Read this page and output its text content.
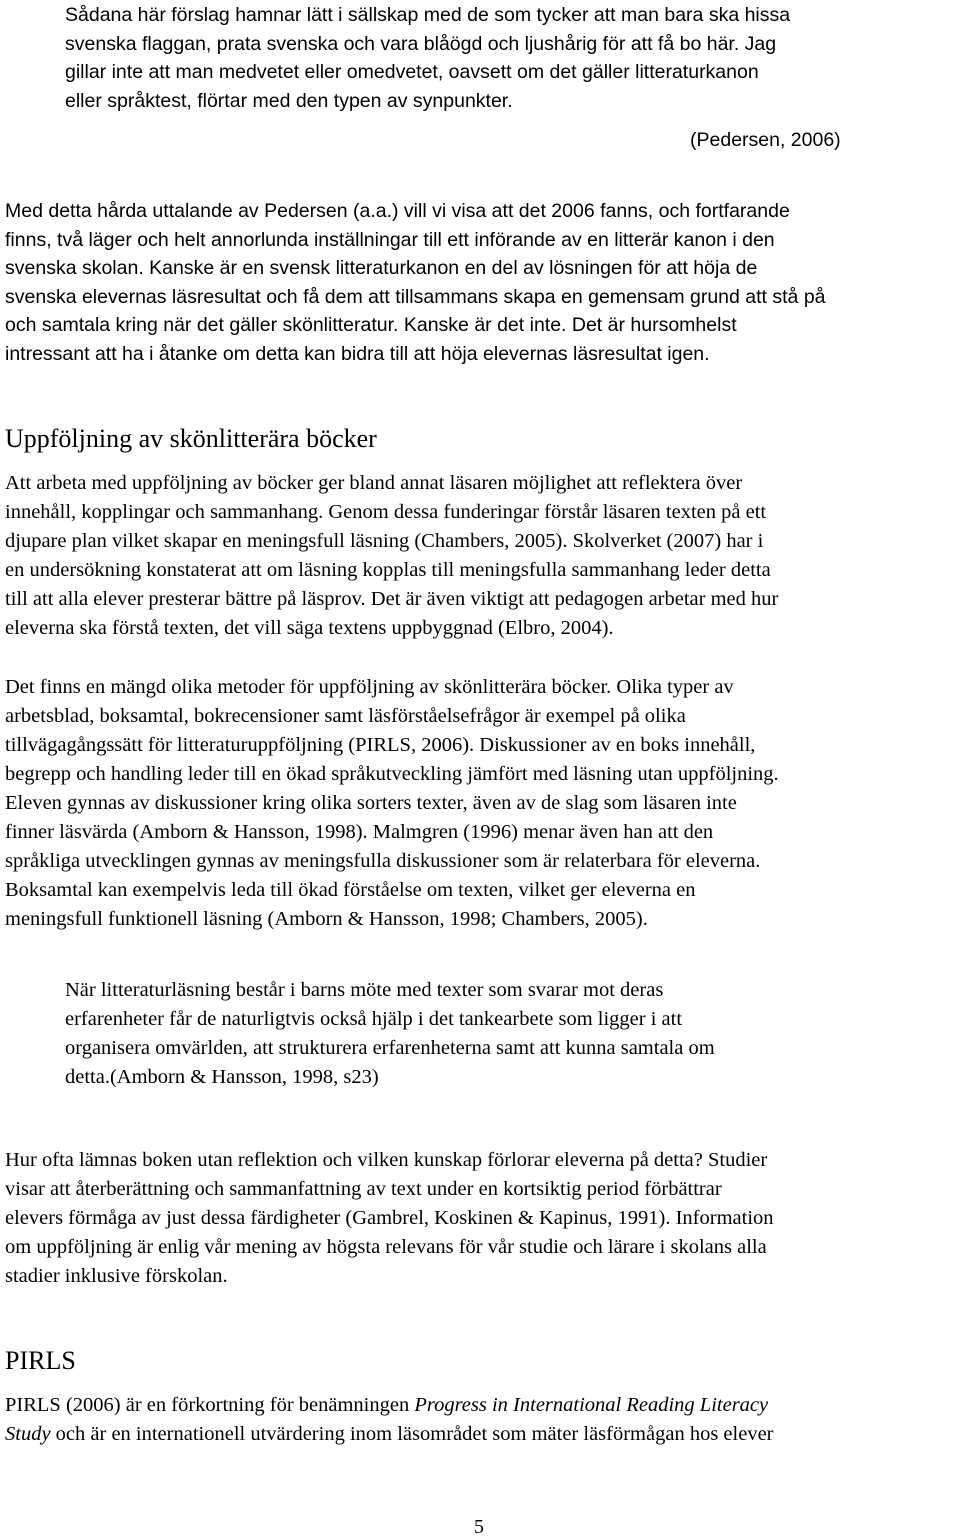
Sådana här förslag hamnar lätt i sällskap med de som tycker att man bara ska hissa
svenska flaggan, prata svenska och vara blåögd och ljushårig för att få bo här. Jag
gillar inte att man medvetet eller omedvetet, oavsett om det gäller litteraturkanon
eller språktest, flörtar med den typen av synpunkter.
(Pedersen, 2006)
Med detta hårda uttalande av Pedersen (a.a.) vill vi visa att det 2006 fanns, och fortfarande
finns, två läger och helt annorlunda inställningar till ett införande av en litterär kanon i den
svenska skolan. Kanske är en svensk litteraturkanon en del av lösningen för att höja de
svenska elevernas läsresultat och få dem att tillsammans skapa en gemensam grund att stå på
och samtala kring när det gäller skönlitteratur. Kanske är det inte. Det är hursomhelst
intressant att ha i åtanke om detta kan bidra till att höja elevernas läsresultat igen.
Uppföljning av skönlitterära böcker
Att arbeta med uppföljning av böcker ger bland annat läsaren möjlighet att reflektera över
innehåll, kopplingar och sammanhang. Genom dessa funderingar förstår läsaren texten på ett
djupare plan vilket skapar en meningsfull läsning (Chambers, 2005). Skolverket (2007) har i
en undersökning konstaterat att om läsning kopplas till meningsfulla sammanhang leder detta
till att alla elever presterar bättre på läsprov. Det är även viktigt att pedagogen arbetar med hur
eleverna ska förstå texten, det vill säga textens uppbyggnad (Elbro, 2004).
Det finns en mängd olika metoder för uppföljning av skönlitterära böcker. Olika typer av
arbetsblad, boksamtal, bokrecensioner samt läsförståelsefrågor är exempel på olika
tillvägagångssätt för litteraturuppföljning (PIRLS, 2006). Diskussioner av en boks innehåll,
begrepp och handling leder till en ökad språkutveckling jämfört med läsning utan uppföljning.
Eleven gynnas av diskussioner kring olika sorters texter, även av de slag som läsaren inte
finner läsvärda (Amborn & Hansson, 1998). Malmgren (1996) menar även han att den
språkliga utvecklingen gynnas av meningsfulla diskussioner som är relaterbara för eleverna.
Boksamtal kan exempelvis leda till ökad förståelse om texten, vilket ger eleverna en
meningsfull funktionell läsning (Amborn & Hansson, 1998; Chambers, 2005).
När litteraturläsning består i barns möte med texter som svarar mot deras
erfarenheter får de naturligtvis också hjälp i det tankearbete som ligger i att
organisera omvärlden, att strukturera erfarenheterna samt att kunna samtala om
detta.(Amborn & Hansson, 1998, s23)
Hur ofta lämnas boken utan reflektion och vilken kunskap förlorar eleverna på detta? Studier
visar att återberättning och sammanfattning av text under en kortsiktig period förbättrar
elevers förmåga av just dessa färdigheter (Gambrel, Koskinen & Kapinus, 1991). Information
om uppföljning är enlig vår mening av högsta relevans för vår studie och lärare i skolans alla
stadier inklusive förskolan.
PIRLS
PIRLS (2006) är en förkortning för benämningen Progress in International Reading Literacy
Study och är en internationell utvärdering inom läsområdet som mäter läsförmågan hos elever
5
